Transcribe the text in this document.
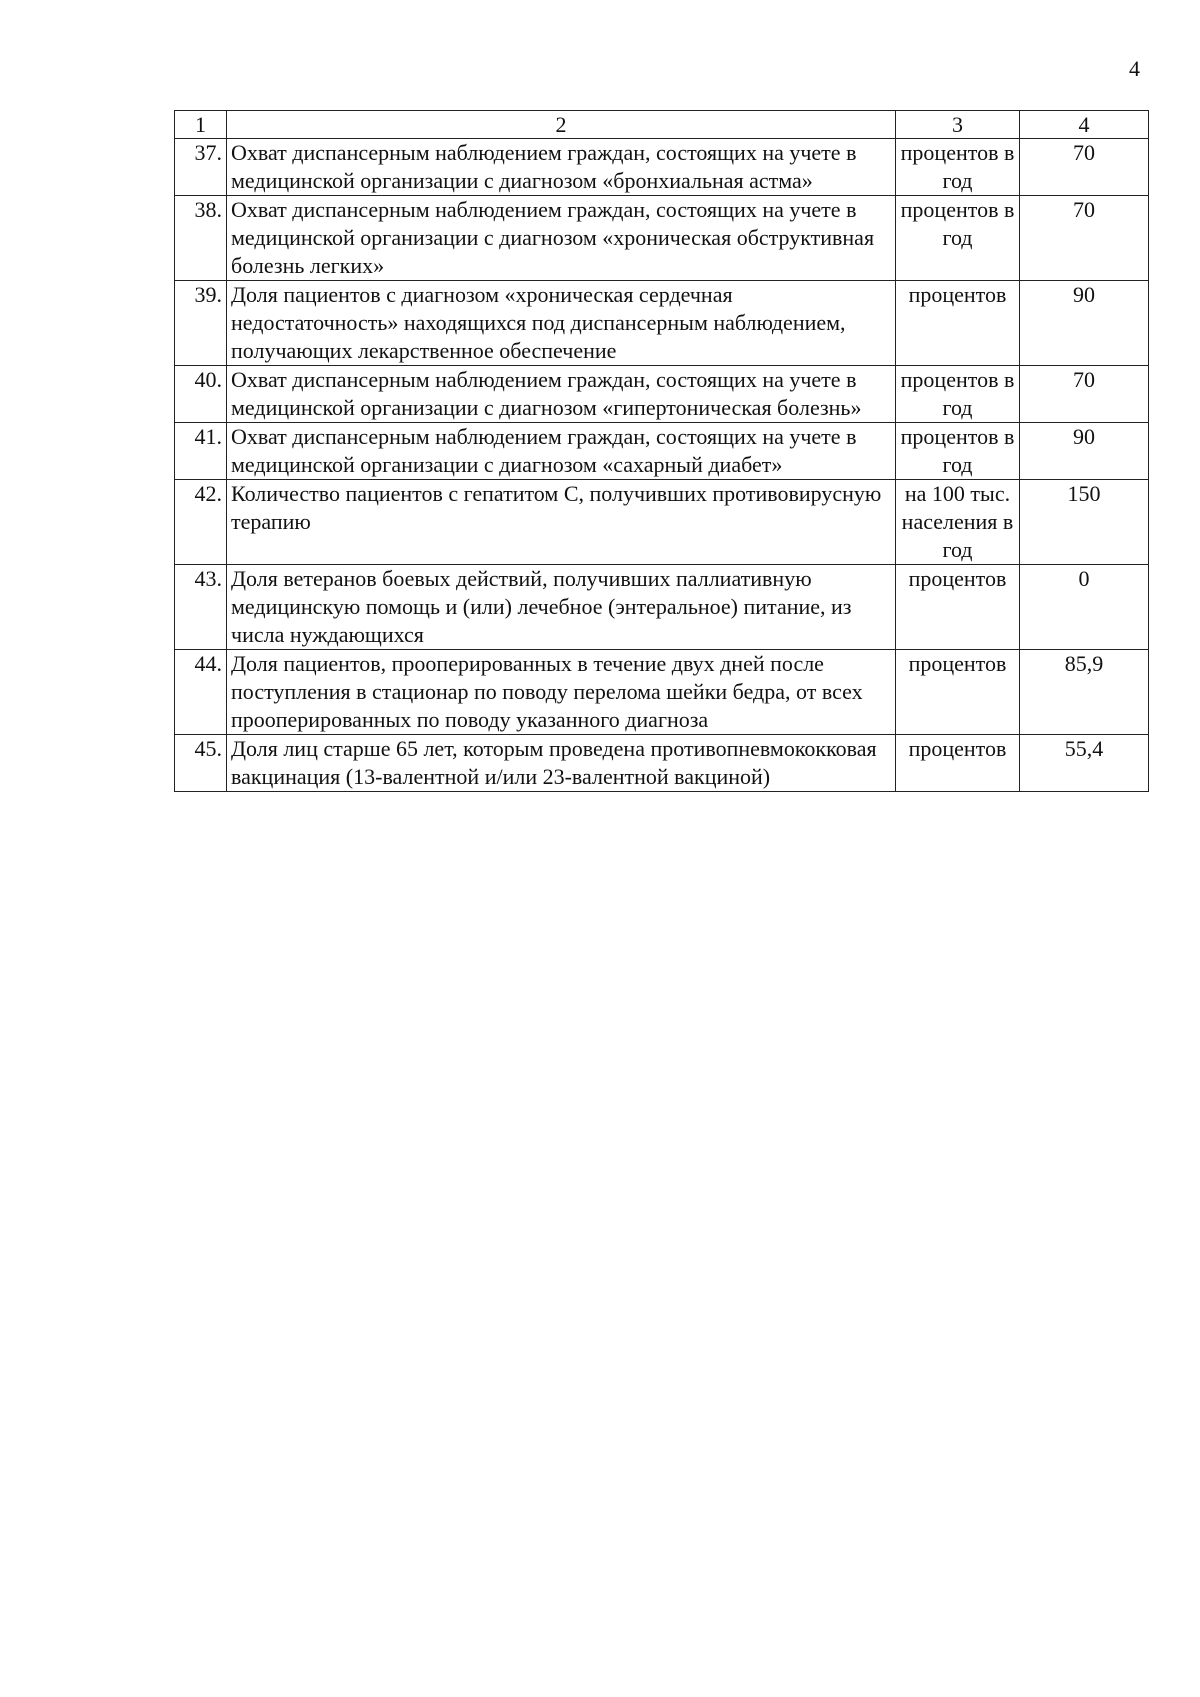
4
1	2	3	4
37.	Охват диспансерным наблюдением граждан, состоящих на учете в медицинской организации с диагнозом «бронхиальная астма»	процентов в год	70
38.	Охват диспансерным наблюдением граждан, состоящих на учете в медицинской организации с диагнозом «хроническая обструктивная болезнь легких»	процентов в год	70
39.	Доля пациентов с диагнозом «хроническая сердечная недостаточность» находящихся под диспансерным наблюдением, получающих лекарственное обеспечение	процентов	90
40.	Охват диспансерным наблюдением граждан, состоящих на учете в медицинской организации с диагнозом «гипертоническая болезнь»	процентов в год	70
41.	Охват диспансерным наблюдением граждан, состоящих на учете в медицинской организации с диагнозом «сахарный диабет»	процентов в год	90
42.	Количество пациентов с гепатитом С, получивших противовирусную терапию	на 100 тыс. населения в год	150
43.	Доля ветеранов боевых действий, получивших паллиативную медицинскую помощь и (или) лечебное (энтеральное) питание, из числа нуждающихся	процентов	0
44.	Доля пациентов, прооперированных в течение двух дней после поступления в стационар по поводу перелома шейки бедра, от всех прооперированных по поводу указанного диагноза	процентов	85,9
45.	Доля лиц старше 65 лет, которым проведена противопневмококковая вакцинация (13-валентной и/или 23-валентной вакциной)	процентов	55,4
